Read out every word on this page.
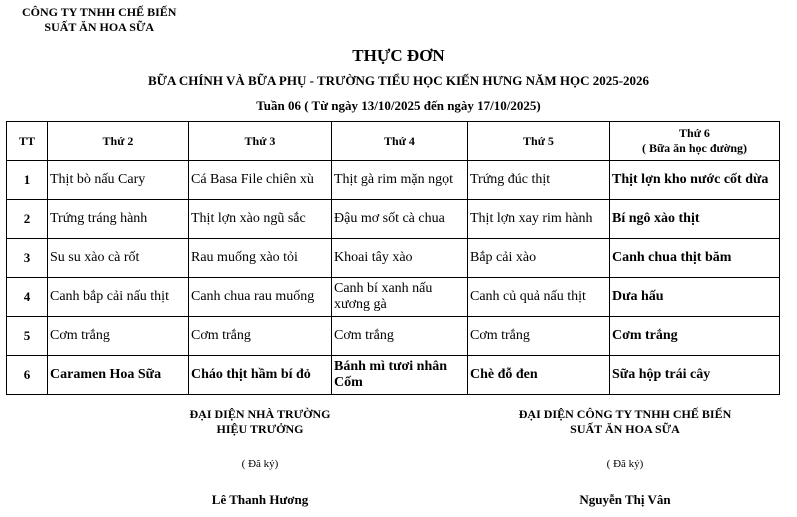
CÔNG TY TNHH CHẾ BIẾN
SUẤT ĂN HOA SỮA
THỰC ĐƠN
BỮA CHÍNH VÀ BỮA PHỤ - TRƯỜNG TIỂU HỌC KIẾN HƯNG NĂM HỌC 2025-2026
Tuần 06 ( Từ ngày 13/10/2025 đến ngày 17/10/2025)
TT	Thứ 2	Thứ 3	Thứ 4	Thứ 5	Thứ 6
( Bữa ăn học đường)

1	Thịt bò nấu Cary	Cá Basa File chiên xù	Thịt gà rim mặn ngọt	Trứng đúc thịt	Thịt lợn kho nước cốt dừa
2	Trứng tráng hành	Thịt lợn xào ngũ sắc	Đậu mơ sốt cà chua	Thịt lợn xay rim hành	Bí ngô xào thịt
3	Su su xào cà rốt	Rau muống xào tỏi	Khoai tây xào	Bắp cải xào	Canh chua thịt băm
4	Canh bắp cải nấu thịt	Canh chua rau muống	Canh bí xanh nấu xương gà	Canh củ quả nấu thịt	Dưa hấu
5	Cơm trắng	Cơm trắng	Cơm trắng	Cơm trắng	Cơm trắng
6	Caramen Hoa Sữa	Cháo thịt hầm bí đỏ	Bánh mì tươi nhân Cốm	Chè đỗ đen	Sữa hộp trái cây
ĐẠI DIỆN NHÀ TRƯỜNG
HIỆU TRƯỞNG
ĐẠI DIỆN CÔNG TY TNHH CHẾ BIẾN
SUẤT ĂN HOA SỮA
( Đã ký)	( Đã ký)
Lê Thanh Hương	Nguyễn Thị Vân
